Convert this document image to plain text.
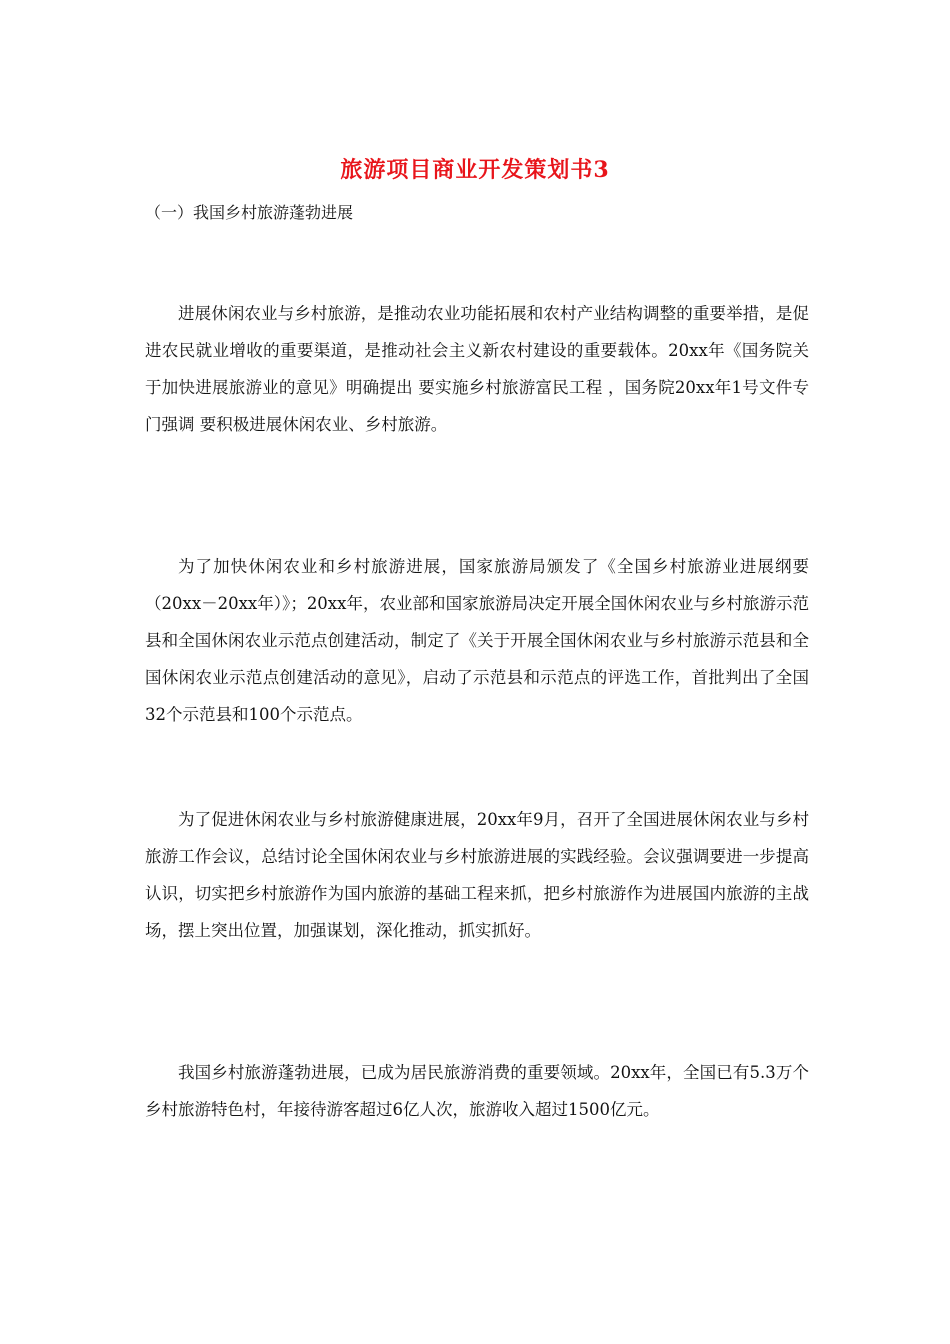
旅游项目商业开发策划书3

（一）我国乡村旅游蓬勃进展

进展休闲农业与乡村旅游，是推动农业功能拓展和农村产业结构调整的重要举措，是促进农民就业增收的重要渠道，是推动社会主义新农村建设的重要载体。20xx年《国务院关于加快进展旅游业的意见》明确提出 要实施乡村旅游富民工程 ，国务院20xx年1号文件专门强调 要积极进展休闲农业、乡村旅游。

为了加快休闲农业和乡村旅游进展，国家旅游局颁发了《全国乡村旅游业进展纲要（20xx－20xx年）》；20xx年，农业部和国家旅游局决定开展全国休闲农业与乡村旅游示范县和全国休闲农业示范点创建活动，制定了《关于开展全国休闲农业与乡村旅游示范县和全国休闲农业示范点创建活动的意见》，启动了示范县和示范点的评选工作，首批判出了全国32个示范县和100个示范点。

为了促进休闲农业与乡村旅游健康进展，20xx年9月，召开了全国进展休闲农业与乡村旅游工作会议，总结讨论全国休闲农业与乡村旅游进展的实践经验。会议强调要进一步提高认识，切实把乡村旅游作为国内旅游的基础工程来抓，把乡村旅游作为进展国内旅游的主战场，摆上突出位置，加强谋划，深化推动，抓实抓好。

我国乡村旅游蓬勃进展，已成为居民旅游消费的重要领域。20xx年，全国已有5.3万个乡村旅游特色村，年接待游客超过6亿人次，旅游收入超过1500亿元。
